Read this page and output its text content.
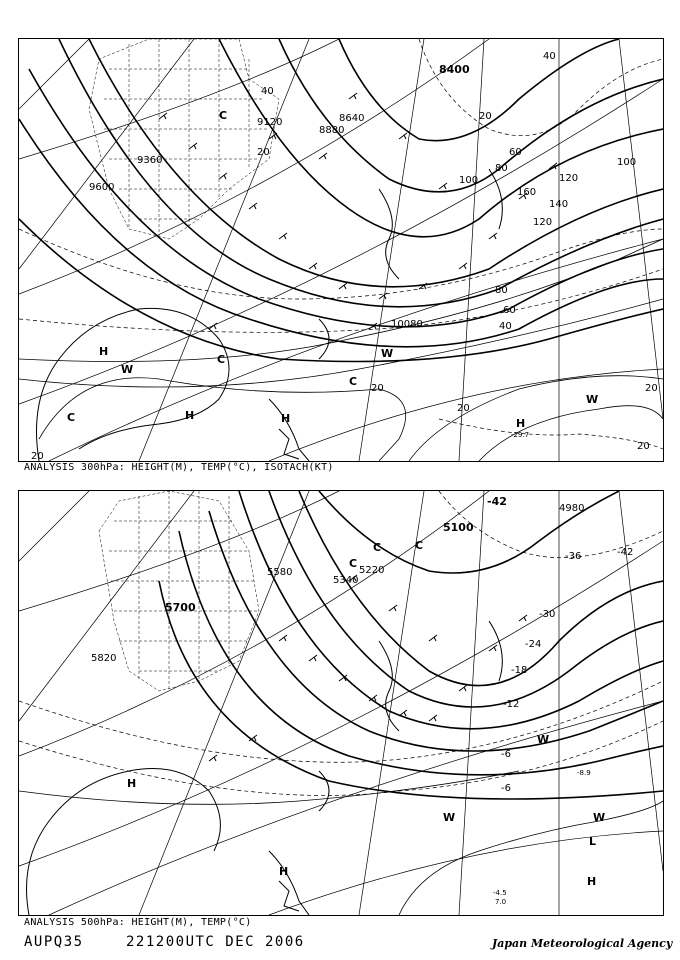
8400
9120
8880
8640
9360
9600
10080
40
20
20
40
60
80
100
120
140
160
120
100
40
60
80
20
20
20
20
20
-29.7
C
C
C
C
H
W
H	H
W
H
W
ANALYSIS 300hPa: HEIGHT(M), TEMP(°C), ISOTACH(KT)
5100
4980
5220
5340
5580
5700
5820
-42
-42
-36
-30
-24
-18
-12
-6
-6
-4.5
7.0
-8.9
C	C
C
H
H
W	W
L
H
W
ANALYSIS 500hPa: HEIGHT(M), TEMP(°C)
AUPQ35	221200UTC DEC 2006	Japan Meteorological Agency
